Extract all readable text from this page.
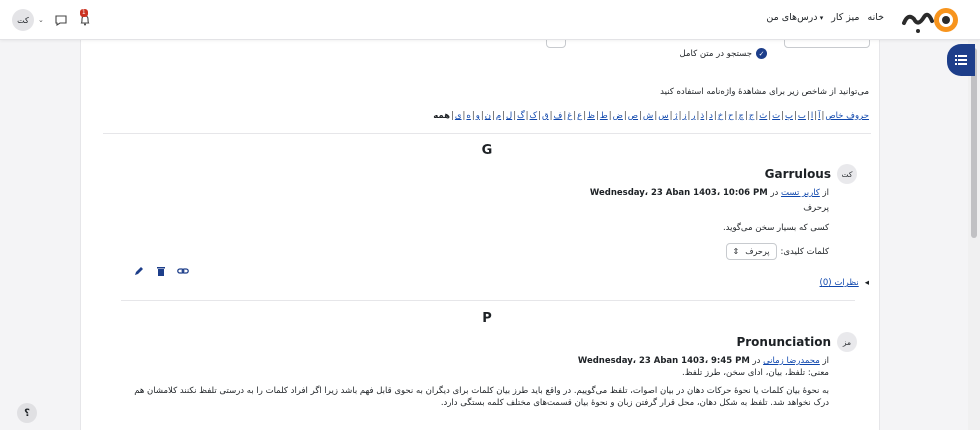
خانه
میز کار
درس‌های من ▾
کت	⌄
1
✓
جستجو در متن کامل
می‌توانید از شاخص زیر برای مشاهدهٔ واژه‌نامه استفاده کنید
حروف خاص
|
آ
|
ا
|
ب
|
پ
|
ت
|
ث
|
ج
|
چ
|
ح
|
خ
|
د
|
ذ
|
ر
|
ز
|
ژ
|
س
|
ش
|
ص
|
ض
|
ط
|
ظ
|
ع
|
غ
|
ف
|
ق
|
ک
|
گ
|
ل
|
م
|
ن
|
و
|
ه
|
ی
|
همه
G
کت
Garrulous
از کاربر تست در Wednesday، 23 Aban 1403، 10:06 PM
پرحرف
کسی که بسیار سخن می‌گوید.
کلمات کلیدی:
پرحرف
⇕
◂
نظرات (0)
P
مز
Pronunciation
از محمدرضا زمانی در Wednesday، 23 Aban 1403، 9:45 PM
معنی: تلفظ، بیان، ادای سخن، طرز تلفظ.
به نحوهٔ بیان کلمات یا نحوهٔ حرکات دهان در بیان اصوات، تلفظ می‌گوییم. در واقع باید طرز بیان کلمات برای دیگران به نحوی قابل فهم باشد زیرا اگر افراد کلمات را به درستی تلفظ نکنند کلامشان هم
درک نخواهد شد. تلفظ به شکل دهان، محل قرار گرفتن زبان و نحوهٔ بیان قسمت‌های مختلف کلمه بستگی دارد.
؟
